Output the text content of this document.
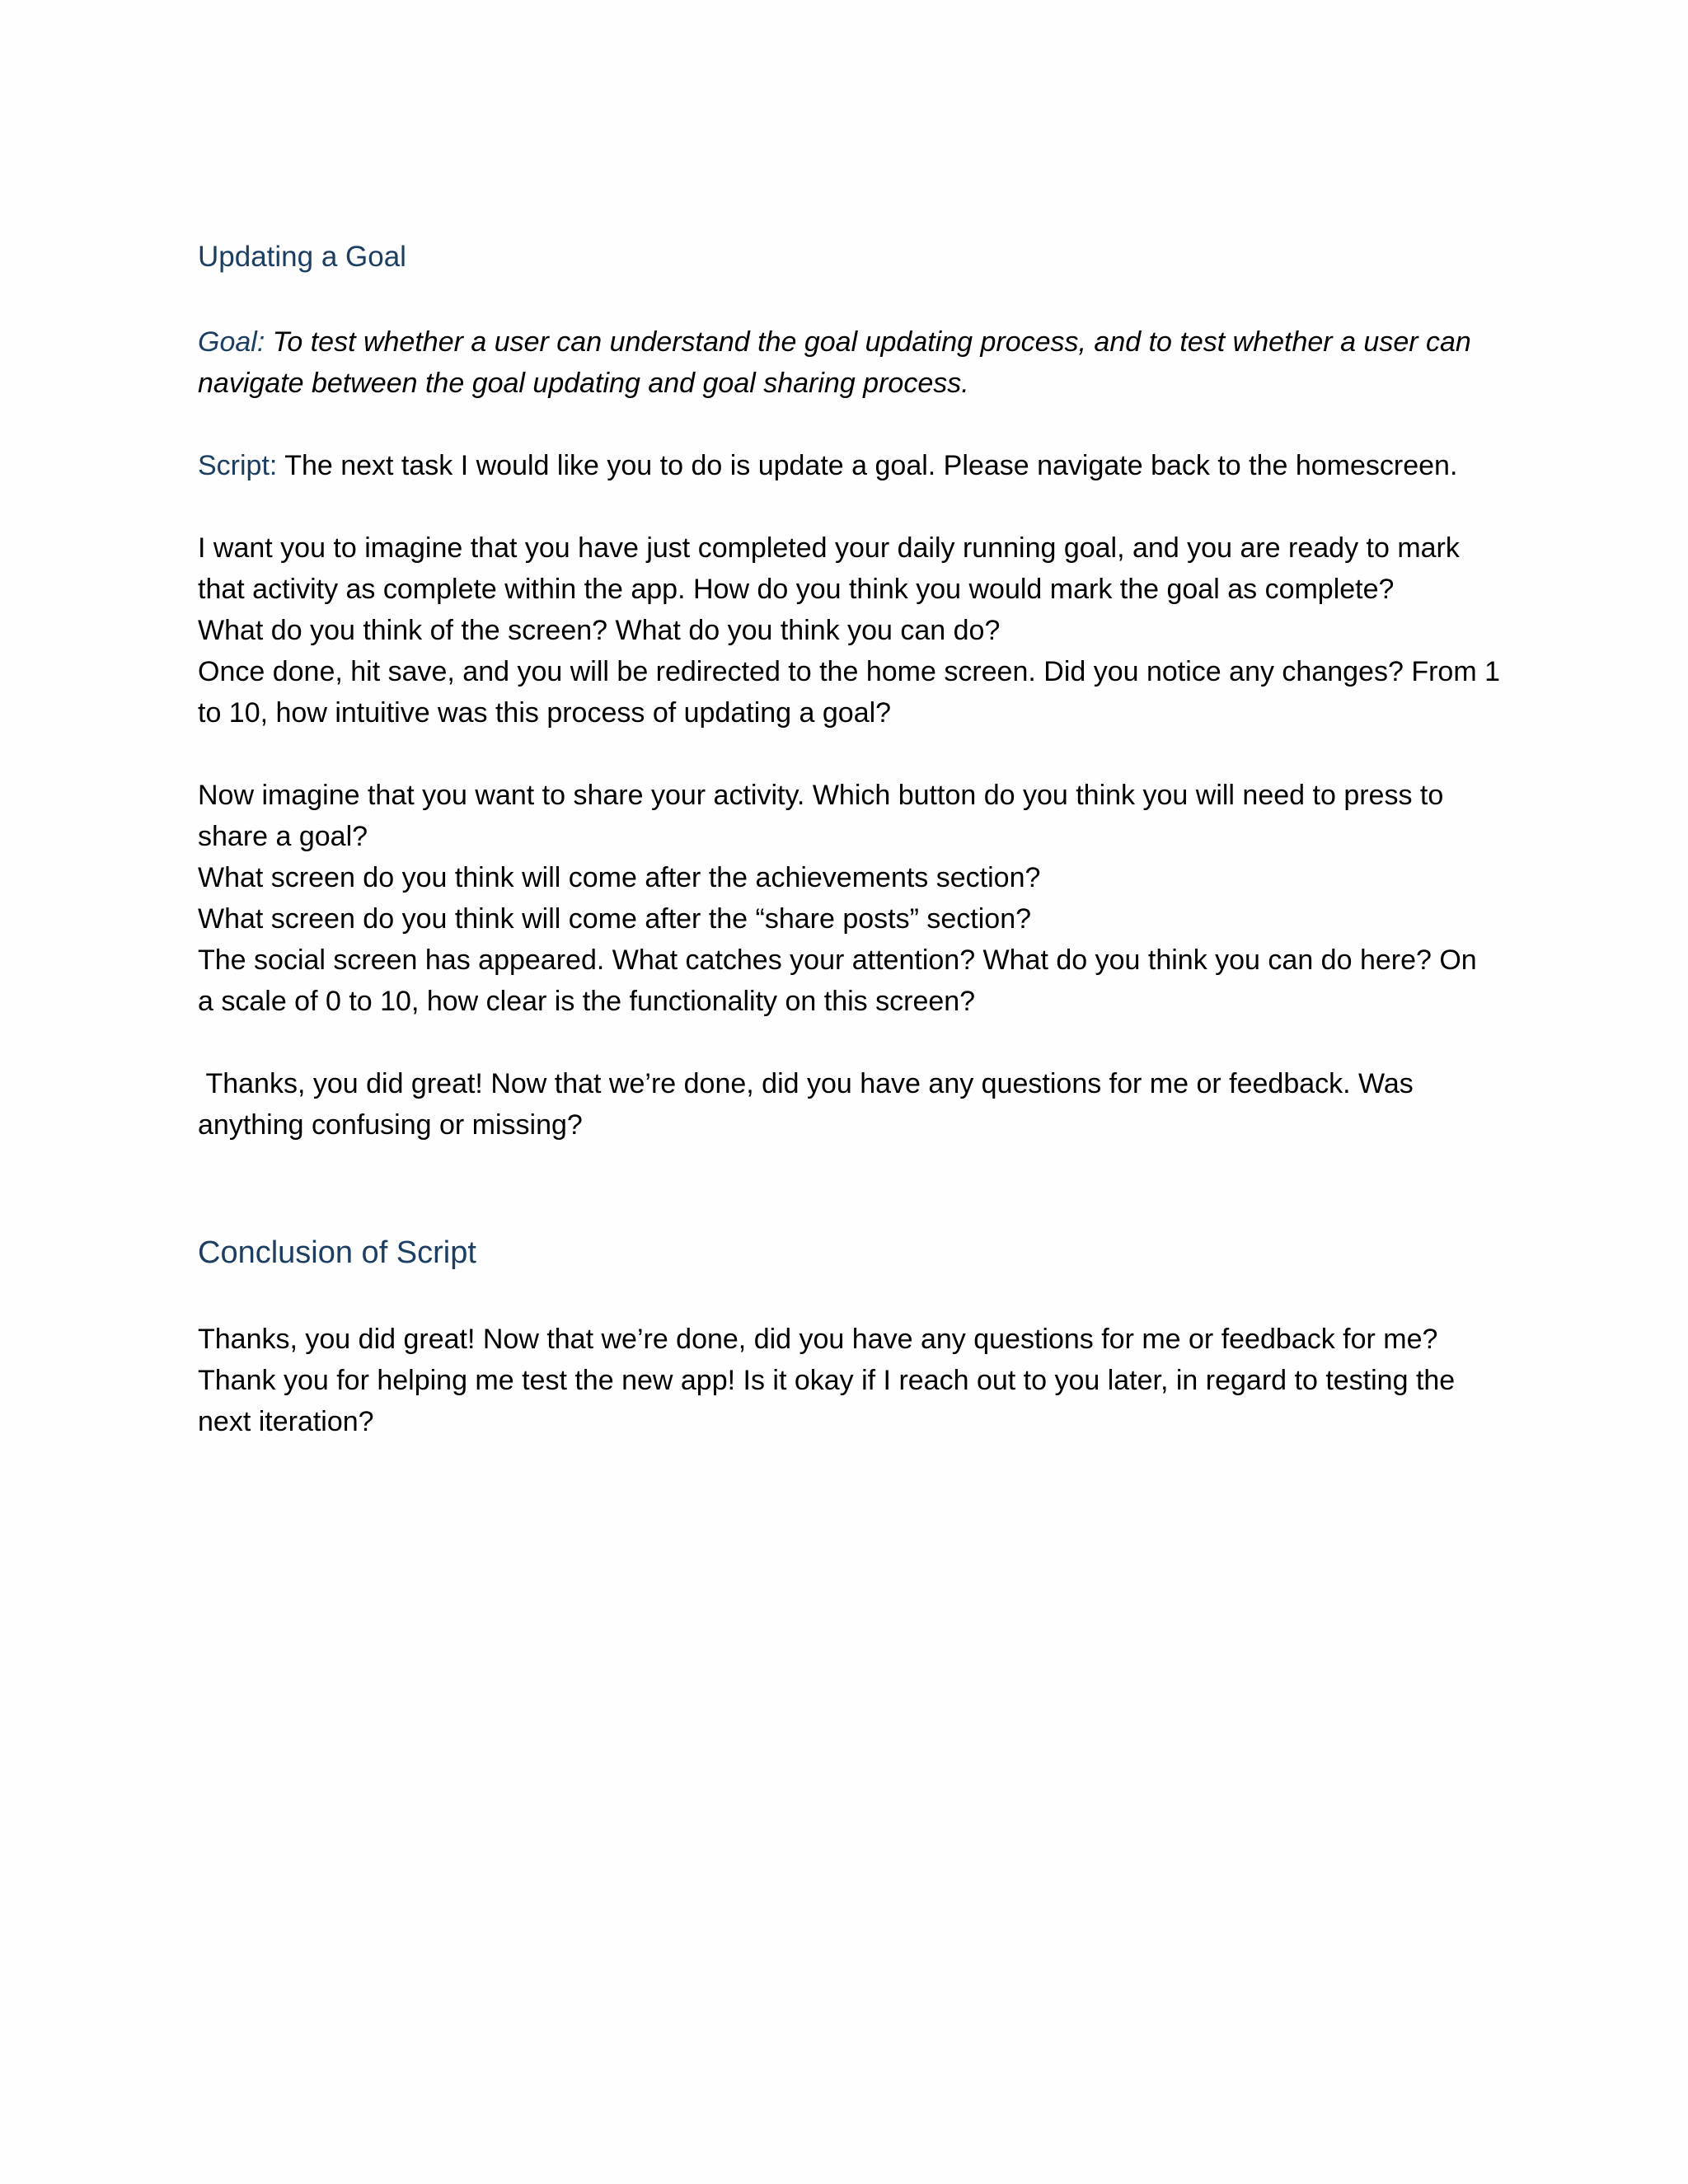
Updating a Goal

Goal: To test whether a user can understand the goal updating process, and to test whether a user can navigate between the goal updating and goal sharing process.

Script: The next task I would like you to do is update a goal. Please navigate back to the homescreen.

I want you to imagine that you have just completed your daily running goal, and you are ready to mark that activity as complete within the app. How do you think you would mark the goal as complete?

What do you think of the screen? What do you think you can do?

Once done, hit save, and you will be redirected to the home screen. Did you notice any changes? From 1 to 10, how intuitive was this process of updating a goal?

Now imagine that you want to share your activity. Which button do you think you will need to press to share a goal?

What screen do you think will come after the achievements section?

What screen do you think will come after the “share posts” section?

The social screen has appeared. What catches your attention? What do you think you can do here? On a scale of 0 to 10, how clear is the functionality on this screen?

Thanks, you did great! Now that we’re done, did you have any questions for me or feedback. Was anything confusing or missing?

Conclusion of Script

Thanks, you did great! Now that we’re done, did you have any questions for me or feedback for me?

Thank you for helping me test the new app! Is it okay if I reach out to you later, in regard to testing the next iteration?
